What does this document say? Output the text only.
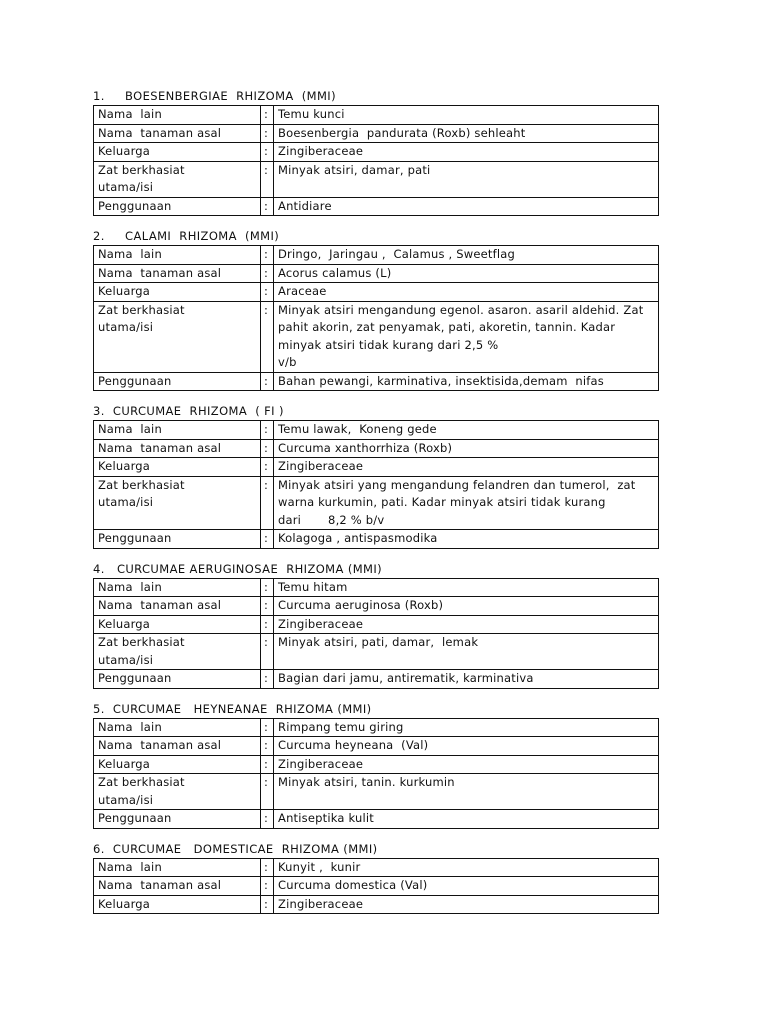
1.     BOESENBERGIAE  RHIZOMA  (MMI)
Nama  lain	:	Temu kunci
Nama  tanaman asal	:	Boesenbergia  pandurata (Roxb) sehleaht
Keluarga	:	Zingiberaceae
Zat berkhasiat
utama/isi	:	Minyak atsiri, damar, pati
Penggunaan	:	Antidiare
2.     CALAMI  RHIZOMA  (MMI)
Nama  lain	:	Dringo,  Jaringau ,  Calamus , Sweetflag
Nama  tanaman asal	:	Acorus calamus (L)
Keluarga	:	Araceae
Zat berkhasiat
utama/isi	:	Minyak atsiri mengandung egenol. asaron. asaril aldehid. Zat
pahit akorin, zat penyamak, pati, akoretin, tannin. Kadar
minyak atsiri tidak kurang dari 2,5 %
v/b
Penggunaan	:	Bahan pewangi, karminativa, insektisida,demam  nifas
3.  CURCUMAE  RHIZOMA  ( FI )
Nama  lain	:	Temu lawak,  Koneng gede
Nama  tanaman asal	:	Curcuma xanthorrhiza (Roxb)
Keluarga	:	Zingiberaceae
Zat berkhasiat
utama/isi	:	Minyak atsiri yang mengandung felandren dan tumerol,  zat
warna kurkumin, pati. Kadar minyak atsiri tidak kurang
dari       8,2 % b/v
Penggunaan	:	Kolagoga , antispasmodika
4.   CURCUMAE AERUGINOSAE  RHIZOMA (MMI)
Nama  lain	:	Temu hitam
Nama  tanaman asal	:	Curcuma aeruginosa (Roxb)
Keluarga	:	Zingiberaceae
Zat berkhasiat
utama/isi	:	Minyak atsiri, pati, damar,  lemak
Penggunaan	:	Bagian dari jamu, antirematik, karminativa
5.  CURCUMAE   HEYNEANAE  RHIZOMA (MMI)
Nama  lain	:	Rimpang temu giring
Nama  tanaman asal	:	Curcuma heyneana  (Val)
Keluarga	:	Zingiberaceae
Zat berkhasiat
utama/isi	:	Minyak atsiri, tanin. kurkumin
Penggunaan	:	Antiseptika kulit
6.  CURCUMAE   DOMESTICAE  RHIZOMA (MMI)
Nama  lain	:	Kunyit ,  kunir
Nama  tanaman asal	:	Curcuma domestica (Val)
Keluarga	:	Zingiberaceae
